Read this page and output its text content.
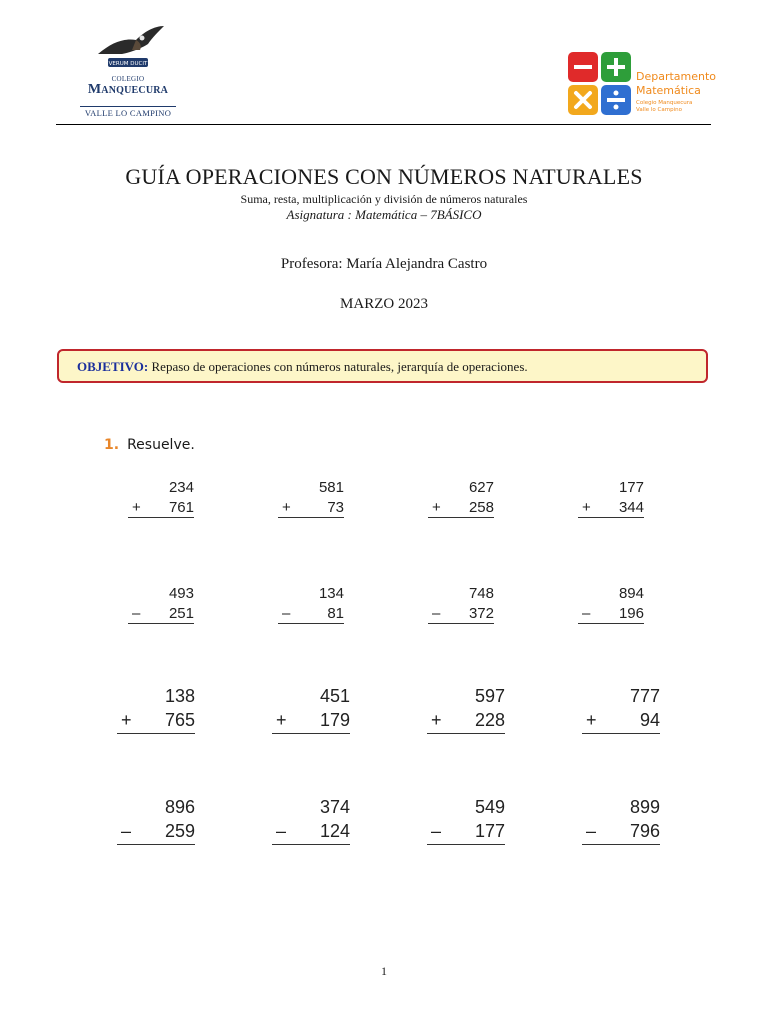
VERUM DUCIT
COLEGIO
Manquecura
VALLE LO CAMPINO
Departamento
Matemática
Colegio Manquecura
Valle lo Campino
GUÍA OPERACIONES CON NÚMEROS NATURALES
Suma, resta, multiplicación y división de números naturales
Asignatura : Matemática – 7BÁSICO
Profesora: María Alejandra Castro
MARZO 2023
OBJETIVO: Repaso de operaciones con números naturales, jerarquía de operaciones.
1. Resuelve.
234
+ 761
581
+ 73
627
+ 258
177
+ 344
493
– 251
134
– 81
748
– 372
894
– 196
138
+ 765
451
+ 179
597
+ 228
777
+ 94
896
– 259
374
– 124
549
– 177
899
– 796
1
